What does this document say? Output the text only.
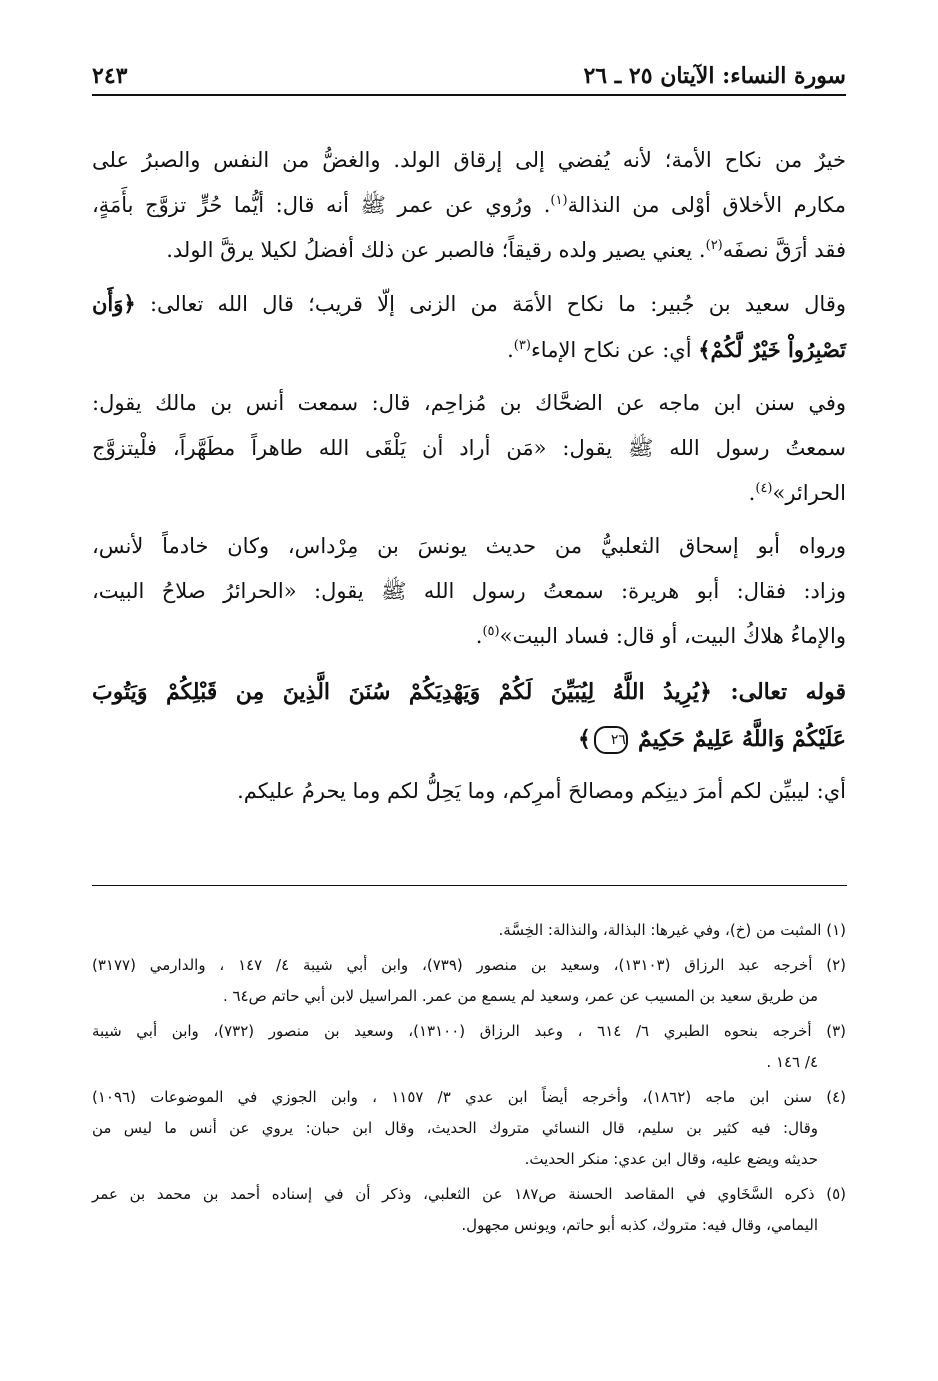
سورة النساء: الآيتان ٢٥ ـ ٢٦
٢٤٣

خيرٌ من نكاح الأمة؛ لأنه يُفضي إلى إرقاق الولد. والغضُّ من النفس والصبرُ على
مكارم الأخلاق أوْلى من النذالة$^{(١)}$. ورُوي عن عمر ﷺ أنه قال: أيُّما حُرٍّ تزوَّج بأَمَةٍ،
فقد أرَقَّ نصفَه$^{(٢)}$. يعني يصير ولده رقيقاً؛ فالصبر عن ذلك أفضلُ لكيلا يرقَّ الولد.

وقال سعيد بن جُبير: ما نكاح الأمَة من الزنى إلّا قريب؛ قال الله تعالى: ﴿وَأَن
تَصْبِرُواْ خَيْرٌ لَّكُمْ﴾ أي: عن نكاح الإماء$^{(٣)}$.

وفي سنن ابن ماجه عن الضحَّاك بن مُزاحِم، قال: سمعت أنس بن مالك يقول:
سمعتُ رسول الله ﷺ يقول: «مَن أراد أن يَلْقَى الله طاهراً مطَهَّراً، فلْيتزوَّج
الحرائر»$^{(٤)}$.

ورواه أبو إسحاق الثعلبيُّ من حديث يونسَ بن مِرْداس، وكان خادماً لأنس،
وزاد: فقال: أبو هريرة: سمعتُ رسول الله ﷺ يقول: «الحرائرُ صلاحُ البيت،
والإماءُ هلاكُ البيت، أو قال: فساد البيت»$^{(٥)}$.

قوله تعالى: ﴿يُرِيدُ اللَّهُ لِيُبَيِّنَ لَكُمْ وَيَهْدِيَكُمْ سُنَنَ الَّذِينَ مِن قَبْلِكُمْ وَيَتُوبَ
عَلَيْكُمْ وَاللَّهُ عَلِيمٌ حَكِيمٌ ٢٦﴾

أي: ليبيِّن لكم أمرَ دينِكم ومصالحَ أمرِكم، وما يَحِلُّ لكم وما يحرمُ عليكم.

(١) المثبت من (خ)، وفي غيرها: البذالة، والنذالة: الخِسَّة.
(٢) أخرجه عبد الرزاق (١٣١٠٣)، وسعيد بن منصور (٧٣٩)، وابن أبي شيبة ٤/ ١٤٧ ، والدارمي (٣١٧٧)
من طريق سعيد بن المسيب عن عمر، وسعيد لم يسمع من عمر. المراسيل لابن أبي حاتم ص٦٤ .
(٣) أخرجه بنحوه الطبري ٦/ ٦١٤ ، وعبد الرزاق (١٣١٠٠)، وسعيد بن منصور (٧٣٢)، وابن أبي شيبة
٤/ ١٤٦ .
(٤) سنن ابن ماجه (١٨٦٢)، وأخرجه أيضاً ابن عدي ٣/ ١١٥٧ ، وابن الجوزي في الموضوعات (١٠٩٦)
وقال: فيه كثير بن سليم، قال النسائي متروك الحديث، وقال ابن حبان: يروي عن أنس ما ليس من
حديثه ويضع عليه، وقال ابن عدي: منكر الحديث.
(٥) ذكره السَّخَاوي في المقاصد الحسنة ص١٨٧ عن الثعلبي، وذكر أن في إسناده أحمد بن محمد بن عمر
اليمامي، وقال فيه: متروك، كذبه أبو حاتم، ويونس مجهول.
